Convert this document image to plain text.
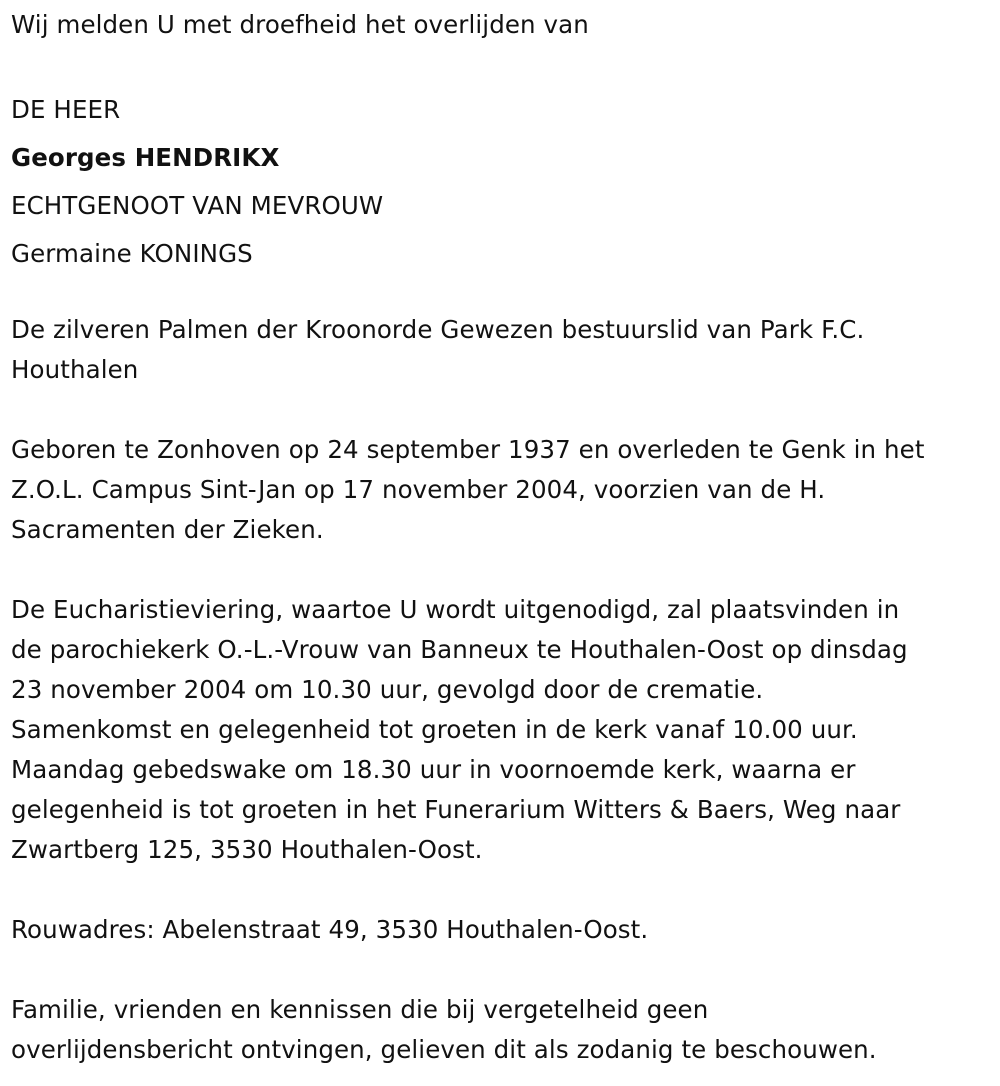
Wij melden U met droefheid het overlijden van
DE HEER
Georges HENDRIKX
ECHTGENOOT VAN MEVROUW
Germaine KONINGS
De zilveren Palmen der Kroonorde Gewezen bestuurslid van Park F.C.
Houthalen
Geboren te Zonhoven op 24 september 1937 en overleden te Genk in het
Z.O.L. Campus Sint-Jan op 17 november 2004, voorzien van de H.
Sacramenten der Zieken.
De Eucharistieviering, waartoe U wordt uitgenodigd, zal plaatsvinden in
de parochiekerk O.-L.-Vrouw van Banneux te Houthalen-Oost op dinsdag
23 november 2004 om 10.30 uur, gevolgd door de crematie.
Samenkomst en gelegenheid tot groeten in de kerk vanaf 10.00 uur.
Maandag gebedswake om 18.30 uur in voornoemde kerk, waarna er
gelegenheid is tot groeten in het Funerarium Witters & Baers, Weg naar
Zwartberg 125, 3530 Houthalen-Oost.
Rouwadres: Abelenstraat 49, 3530 Houthalen-Oost.
Familie, vrienden en kennissen die bij vergetelheid geen
overlijdensbericht ontvingen, gelieven dit als zodanig te beschouwen.
